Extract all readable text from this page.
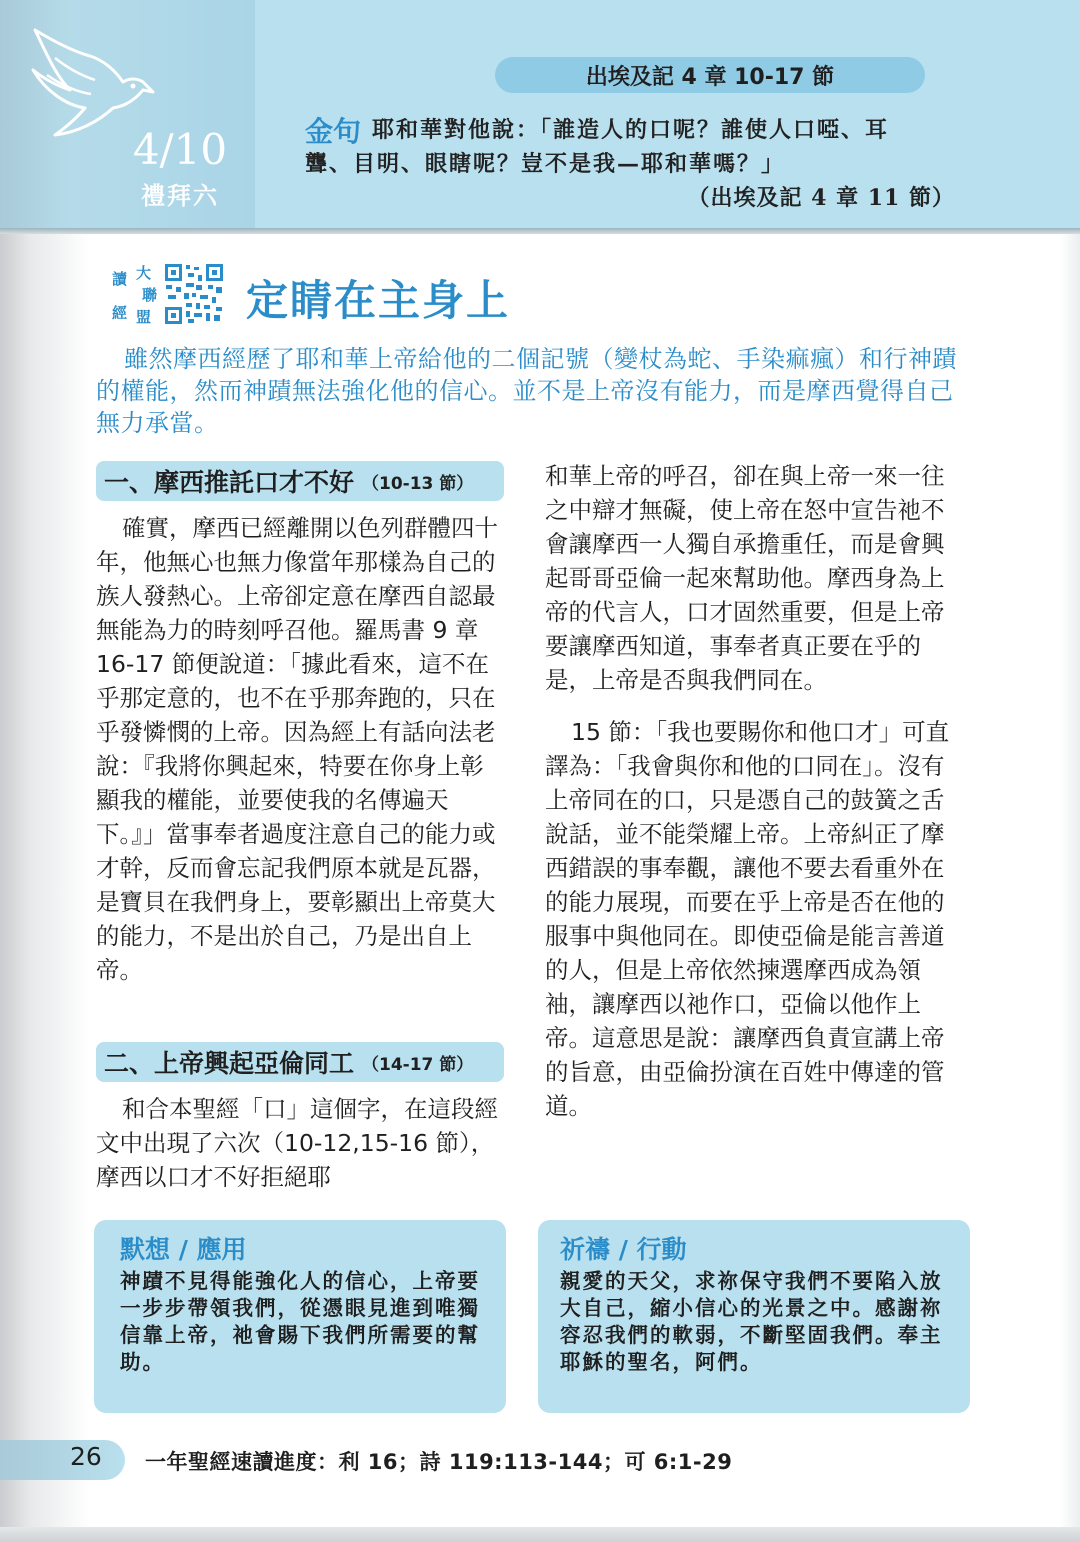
4/10
禮拜六
出埃及記 4 章 10-17 節
金句 耶和華對他說：「誰造人的口呢？誰使人口啞、耳
聾、目明、眼瞎呢？豈不是我—耶和華嗎？」
（出埃及記 4 章 11 節）
讀 大
聯
經 盟 定睛在主身上
雖然摩西經歷了耶和華上帝給他的二個記號（變杖為蛇、手染痲瘋）和行神蹟的權能，然而神蹟無法強化他的信心。並不是上帝沒有能力，而是摩西覺得自己無力承當。
一、摩西推託口才不好 （10-13 節）

確實，摩西已經離開以色列群體四十年，他無心也無力像當年那樣為自己的族人發熱心。上帝卻定意在摩西自認最無能為力的時刻呼召他。羅馬書 9 章 16-17 節便說道：「據此看來，這不在乎那定意的，也不在乎那奔跑的，只在乎發憐憫的上帝。因為經上有話向法老說：『我將你興起來，特要在你身上彰顯我的權能，並要使我的名傳遍天下。』」當事奉者過度注意自己的能力或才幹，反而會忘記我們原本就是瓦器，是寶貝在我們身上，要彰顯出上帝莫大的能力，不是出於自己，乃是出自上帝。

二、上帝興起亞倫同工 （14-17 節）

和合本聖經「口」這個字，在這段經文中出現了六次（10-12,15-16 節），摩西以口才不好拒絕耶

和華上帝的呼召，卻在與上帝一來一往之中辯才無礙，使上帝在怒中宣告祂不會讓摩西一人獨自承擔重任，而是會興起哥哥亞倫一起來幫助他。摩西身為上帝的代言人，口才固然重要，但是上帝要讓摩西知道，事奉者真正要在乎的是，上帝是否與我們同在。

15 節：「我也要賜你和他口才」可直譯為：「我會與你和他的口同在」。沒有上帝同在的口，只是憑自己的鼓簧之舌說話，並不能榮耀上帝。上帝糾正了摩西錯誤的事奉觀，讓他不要去看重外在的能力展現，而要在乎上帝是否在他的服事中與他同在。即使亞倫是能言善道的人，但是上帝依然揀選摩西成為領袖，讓摩西以祂作口，亞倫以他作上帝。這意思是說：讓摩西負責宣講上帝的旨意，由亞倫扮演在百姓中傳達的管道。

默想 / 應用
神蹟不見得能強化人的信心，上帝要一步步帶領我們，從憑眼見進到唯獨信靠上帝，祂會賜下我們所需要的幫助。
祈禱 / 行動
親愛的天父，求祢保守我們不要陷入放大自己，縮小信心的光景之中。感謝祢容忍我們的軟弱，不斷堅固我們。奉主耶穌的聖名，阿們。
26 一年聖經速讀進度：利 16；詩 119:113-144；可 6:1-29
